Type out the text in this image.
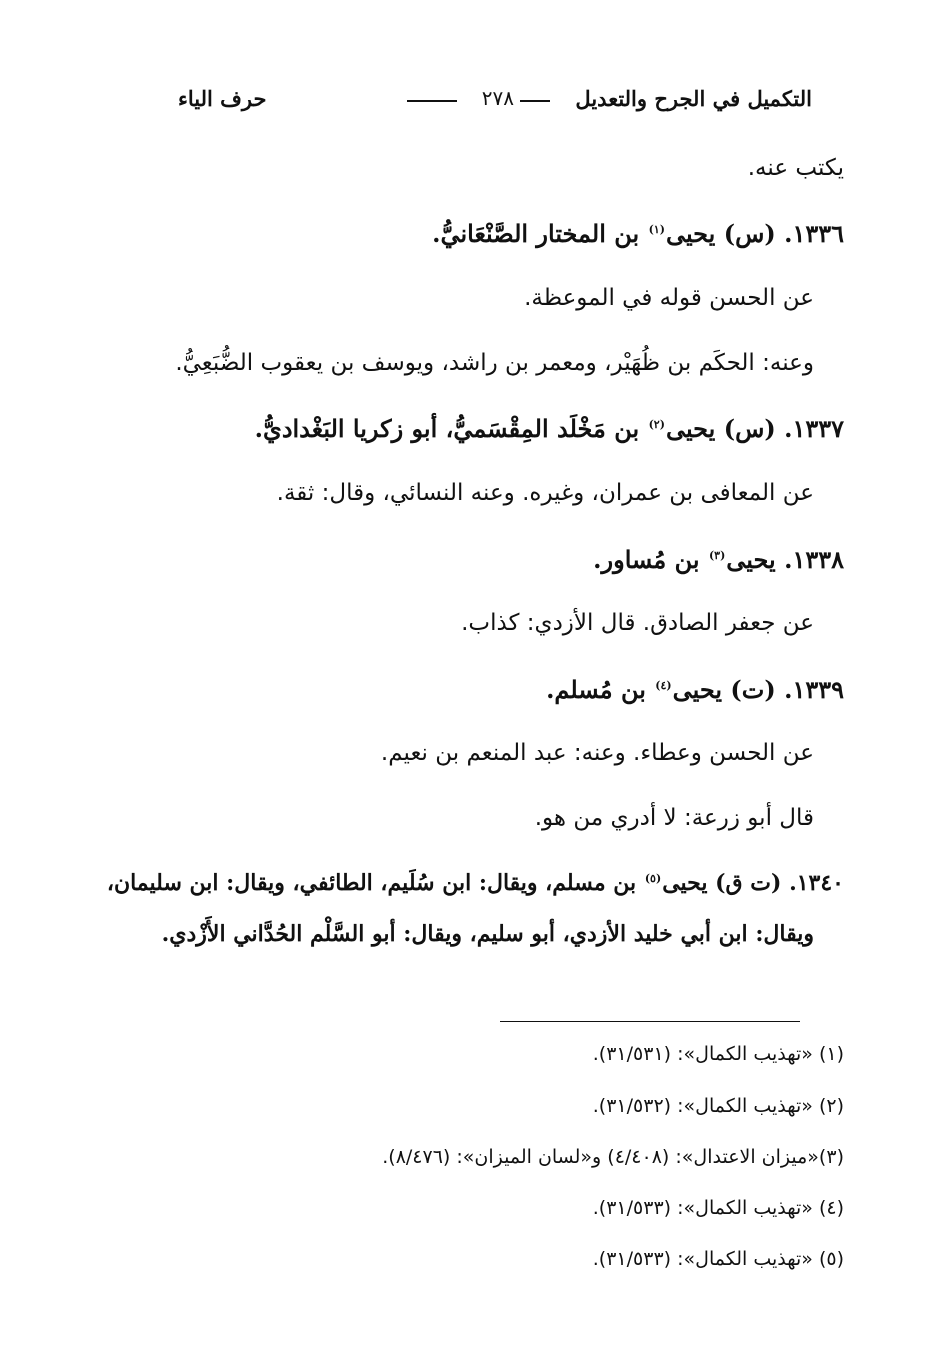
التكميل في الجرح والتعديل
٢٧٨
حرف الياء
يكتب عنه.
١٣٣٦. (س) يحيى$^{(١)}$ بن المختار الصَّنْعَانيُّ.
عن الحسن قوله في الموعظة.
وعنه: الحكَم بن ظُهَيْر، ومعمر بن راشد، ويوسف بن يعقوب الضُّبَعِيُّ.
١٣٣٧. (س) يحيى$^{(٢)}$ بن مَخْلَد المِقْسَميُّ، أبو زكريا البَغْداديُّ.
عن المعافى بن عمران، وغيره. وعنه النسائي، وقال: ثقة.
١٣٣٨. يحيى$^{(٣)}$ بن مُساور.
عن جعفر الصادق. قال الأزدي: كذاب.
١٣٣٩. (ت) يحيى$^{(٤)}$ بن مُسلم.
عن الحسن وعطاء. وعنه: عبد المنعم بن نعيم.
قال أبو زرعة: لا أدري من هو.
١٣٤٠. (ت ق) يحيى$^{(٥)}$ بن مسلم، ويقال: ابن سُلَيم، الطائفي، ويقال: ابن سليمان،
ويقال: ابن أبي خليد الأزدي، أبو سليم، ويقال: أبو السَّلْم الحُدَّاني الأَزْدي.
(١) «تهذيب الكمال»: (٣١/٥٣١).
(٢) «تهذيب الكمال»: (٣١/٥٣٢).
(٣)«ميزان الاعتدال»: (٤/٤٠٨) و«لسان الميزان»: (٨/٤٧٦).
(٤) «تهذيب الكمال»: (٣١/٥٣٣).
(٥) «تهذيب الكمال»: (٣١/٥٣٣).
